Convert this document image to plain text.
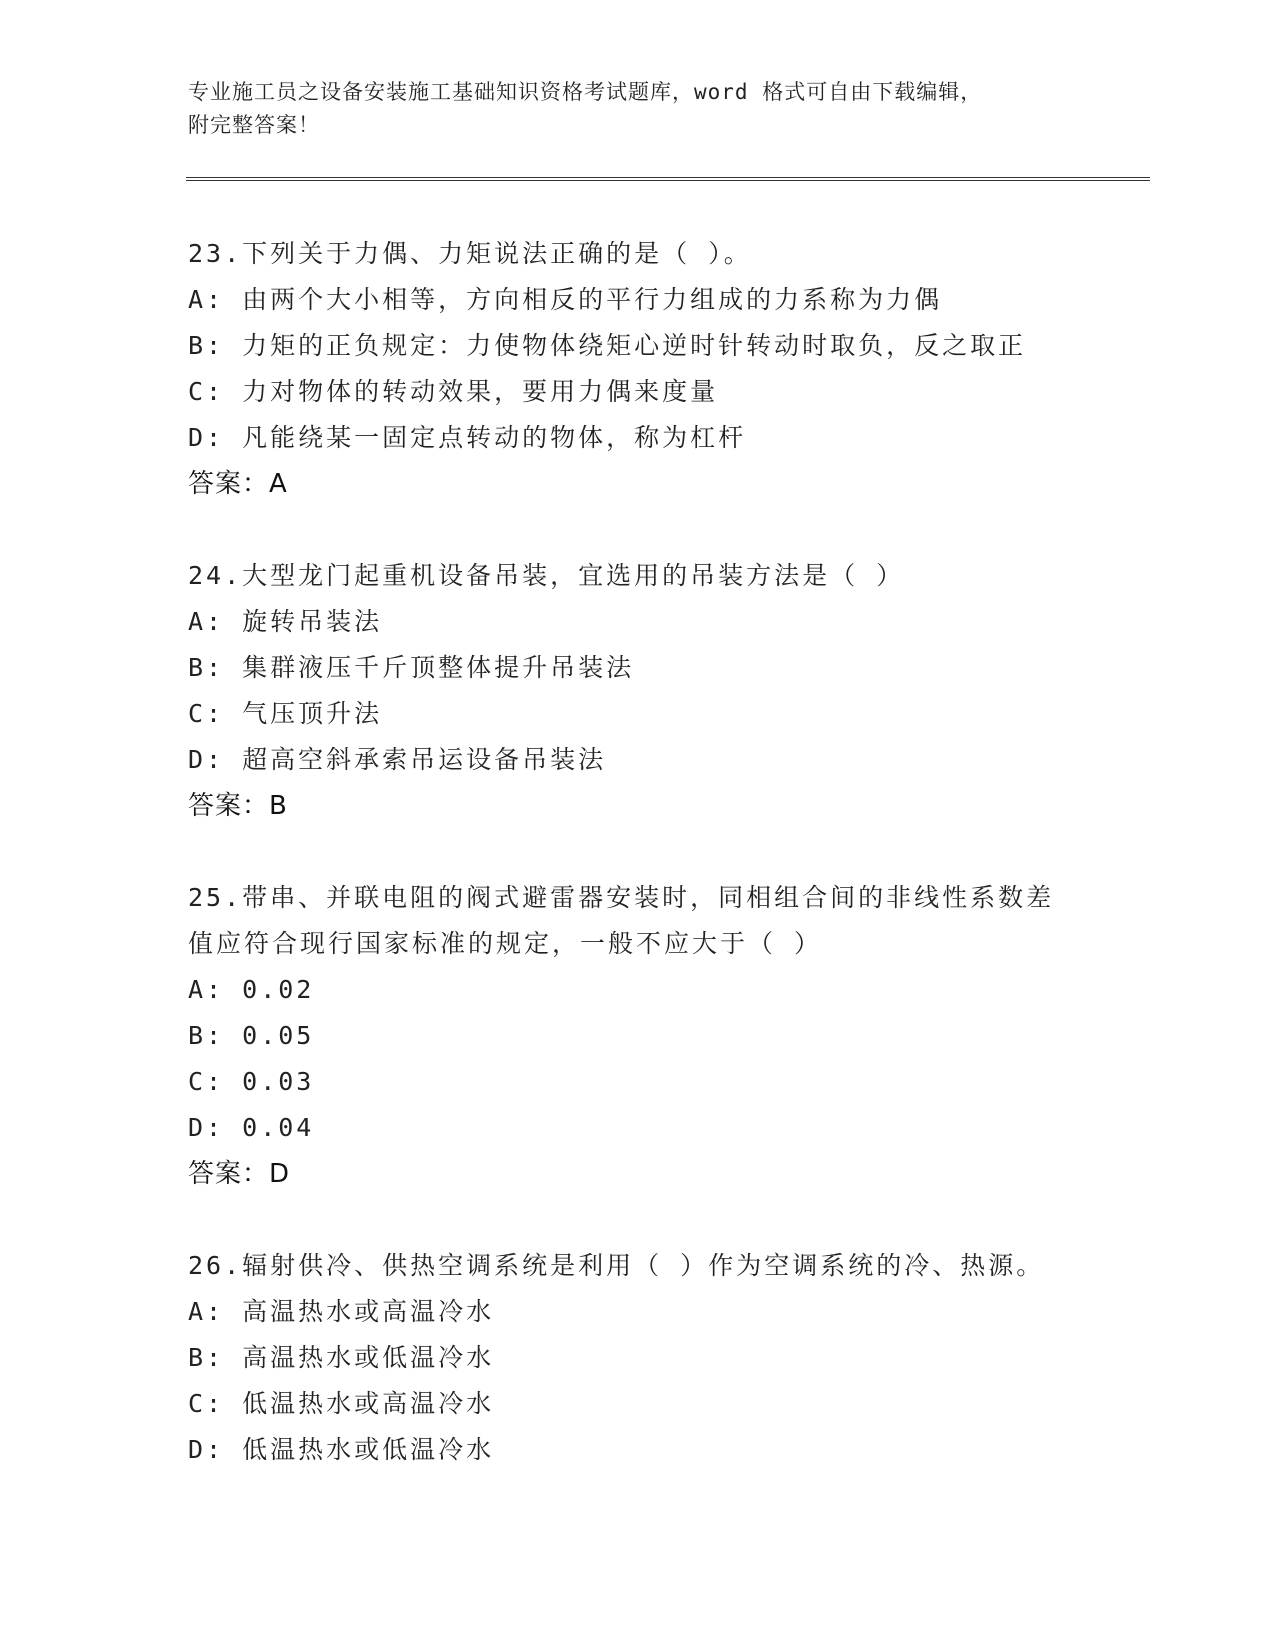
专业施工员之设备安装施工基础知识资格考试题库，word 格式可自由下载编辑，
附完整答案！
23.下列关于力偶、力矩说法正确的是（ ）。
A: 由两个大小相等，方向相反的平行力组成的力系称为力偶
B: 力矩的正负规定：力使物体绕矩心逆时针转动时取负，反之取正
C: 力对物体的转动效果，要用力偶来度量
D: 凡能绕某一固定点转动的物体，称为杠杆
答案：A
24.大型龙门起重机设备吊装，宜选用的吊装方法是（ ）
A: 旋转吊装法
B: 集群液压千斤顶整体提升吊装法
C: 气压顶升法
D: 超高空斜承索吊运设备吊装法
答案：B
25.带串、并联电阻的阀式避雷器安装时，同相组合间的非线性系数差
值应符合现行国家标准的规定，一般不应大于（ ）
A: 0.02
B: 0.05
C: 0.03
D: 0.04
答案：D
26.辐射供冷、供热空调系统是利用（ ）作为空调系统的冷、热源。
A: 高温热水或高温冷水
B: 高温热水或低温冷水
C: 低温热水或高温冷水
D: 低温热水或低温冷水
